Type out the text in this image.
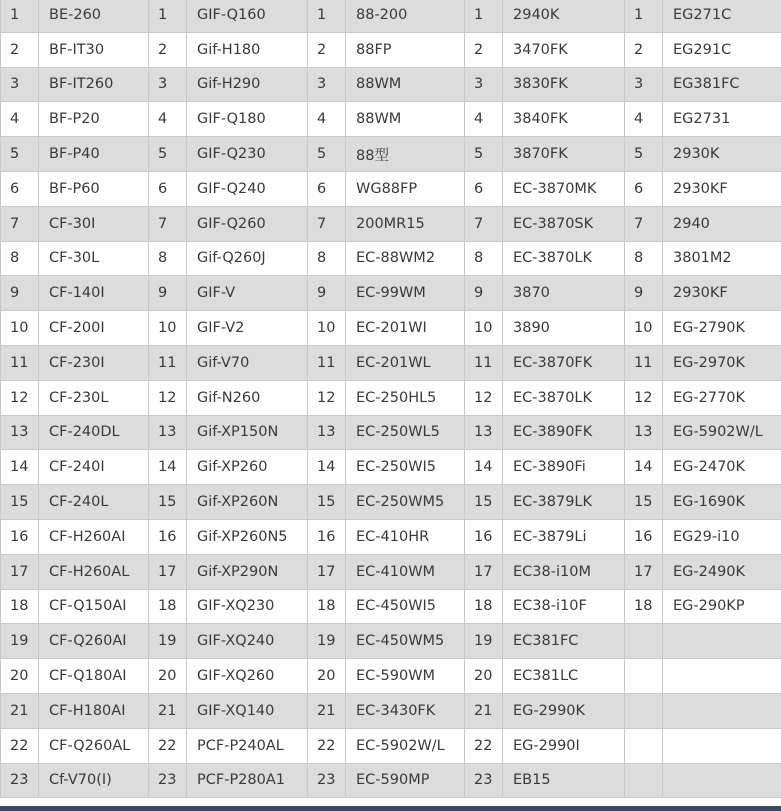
1	BE-260	1	GIF-Q160	1	88-200	1	2940K	1	EG271C
2	BF-IT30	2	Gif-H180	2	88FP	2	3470FK	2	EG291C
3	BF-IT260	3	Gif-H290	3	88WM	3	3830FK	3	EG381FC
4	BF-P20	4	GIF-Q180	4	88WM	4	3840FK	4	EG2731
5	BF-P40	5	GIF-Q230	5	88型	5	3870FK	5	2930K
6	BF-P60	6	GIF-Q240	6	WG88FP	6	EC-3870MK	6	2930KF
7	CF-30I	7	GIF-Q260	7	200MR15	7	EC-3870SK	7	2940
8	CF-30L	8	Gif-Q260J	8	EC-88WM2	8	EC-3870LK	8	3801M2
9	CF-140I	9	GIF-V	9	EC-99WM	9	3870	9	2930KF
10	CF-200I	10	GIF-V2	10	EC-201WI	10	3890	10	EG-2790K
11	CF-230I	11	Gif-V70	11	EC-201WL	11	EC-3870FK	11	EG-2970K
12	CF-230L	12	Gif-N260	12	EC-250HL5	12	EC-3870LK	12	EG-2770K
13	CF-240DL	13	Gif-XP150N	13	EC-250WL5	13	EC-3890FK	13	EG-5902W/L
14	CF-240I	14	Gif-XP260	14	EC-250WI5	14	EC-3890Fi	14	EG-2470K
15	CF-240L	15	Gif-XP260N	15	EC-250WM5	15	EC-3879LK	15	EG-1690K
16	CF-H260AI	16	Gif-XP260N5	16	EC-410HR	16	EC-3879Li	16	EG29-i10
17	CF-H260AL	17	Gif-XP290N	17	EC-410WM	17	EC38-i10M	17	EG-2490K
18	CF-Q150AI	18	GIF-XQ230	18	EC-450WI5	18	EC38-i10F	18	EG-290KP
19	CF-Q260AI	19	GIF-XQ240	19	EC-450WM5	19	EC381FC		
20	CF-Q180AI	20	GIF-XQ260	20	EC-590WM	20	EC381LC		
21	CF-H180AI	21	GIF-XQ140	21	EC-3430FK	21	EG-2990K		
22	CF-Q260AL	22	PCF-P240AL	22	EC-5902W/L	22	EG-2990I		
23	Cf-V70(I)	23	PCF-P280A1	23	EC-590MP	23	EB15		
